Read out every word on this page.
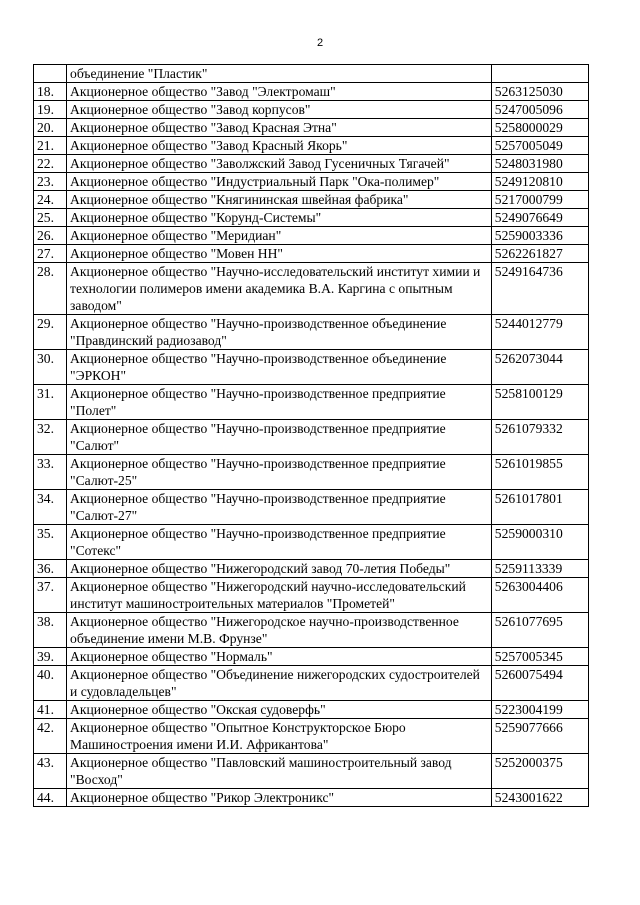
2
	объединение "Пластик"	
18.	Акционерное общество "Завод "Электромаш"	5263125030
19.	Акционерное общество "Завод корпусов"	5247005096
20.	Акционерное общество "Завод Красная Этна"	5258000029
21.	Акционерное общество "Завод Красный Якорь"	5257005049
22.	Акционерное общество "Заволжский Завод Гусеничных Тягачей"	5248031980
23.	Акционерное общество "Индустриальный Парк "Ока-полимер"	5249120810
24.	Акционерное общество "Княгининская швейная фабрика"	5217000799
25.	Акционерное общество "Корунд-Системы"	5249076649
26.	Акционерное общество "Меридиан"	5259003336
27.	Акционерное общество "Мовен НН"	5262261827
28.	Акционерное общество "Научно-исследовательский институт химии и технологии полимеров имени академика В.А. Каргина с опытным заводом"	5249164736
29.	Акционерное общество "Научно-производственное объединение "Правдинский радиозавод"	5244012779
30.	Акционерное общество "Научно-производственное объединение "ЭРКОН"	5262073044
31.	Акционерное общество "Научно-производственное предприятие "Полет"	5258100129
32.	Акционерное общество "Научно-производственное предприятие "Салют"	5261079332
33.	Акционерное общество "Научно-производственное предприятие "Салют-25"	5261019855
34.	Акционерное общество "Научно-производственное предприятие "Салют-27"	5261017801
35.	Акционерное общество "Научно-производственное предприятие "Сотекс"	5259000310
36.	Акционерное общество "Нижегородский завод 70-летия Победы"	5259113339
37.	Акционерное общество "Нижегородский научно-исследовательский институт машиностроительных материалов "Прометей"	5263004406
38.	Акционерное общество "Нижегородское научно-производственное объединение имени М.В. Фрунзе"	5261077695
39.	Акционерное общество "Нормаль"	5257005345
40.	Акционерное общество "Объединение нижегородских судостроителей и судовладельцев"	5260075494
41.	Акционерное общество "Окская судоверфь"	5223004199
42.	Акционерное общество "Опытное Конструкторское Бюро Машиностроения имени И.И. Африкантова"	5259077666
43.	Акционерное общество "Павловский машиностроительный завод "Восход"	5252000375
44.	Акционерное общество "Рикор Электроникс"	5243001622
